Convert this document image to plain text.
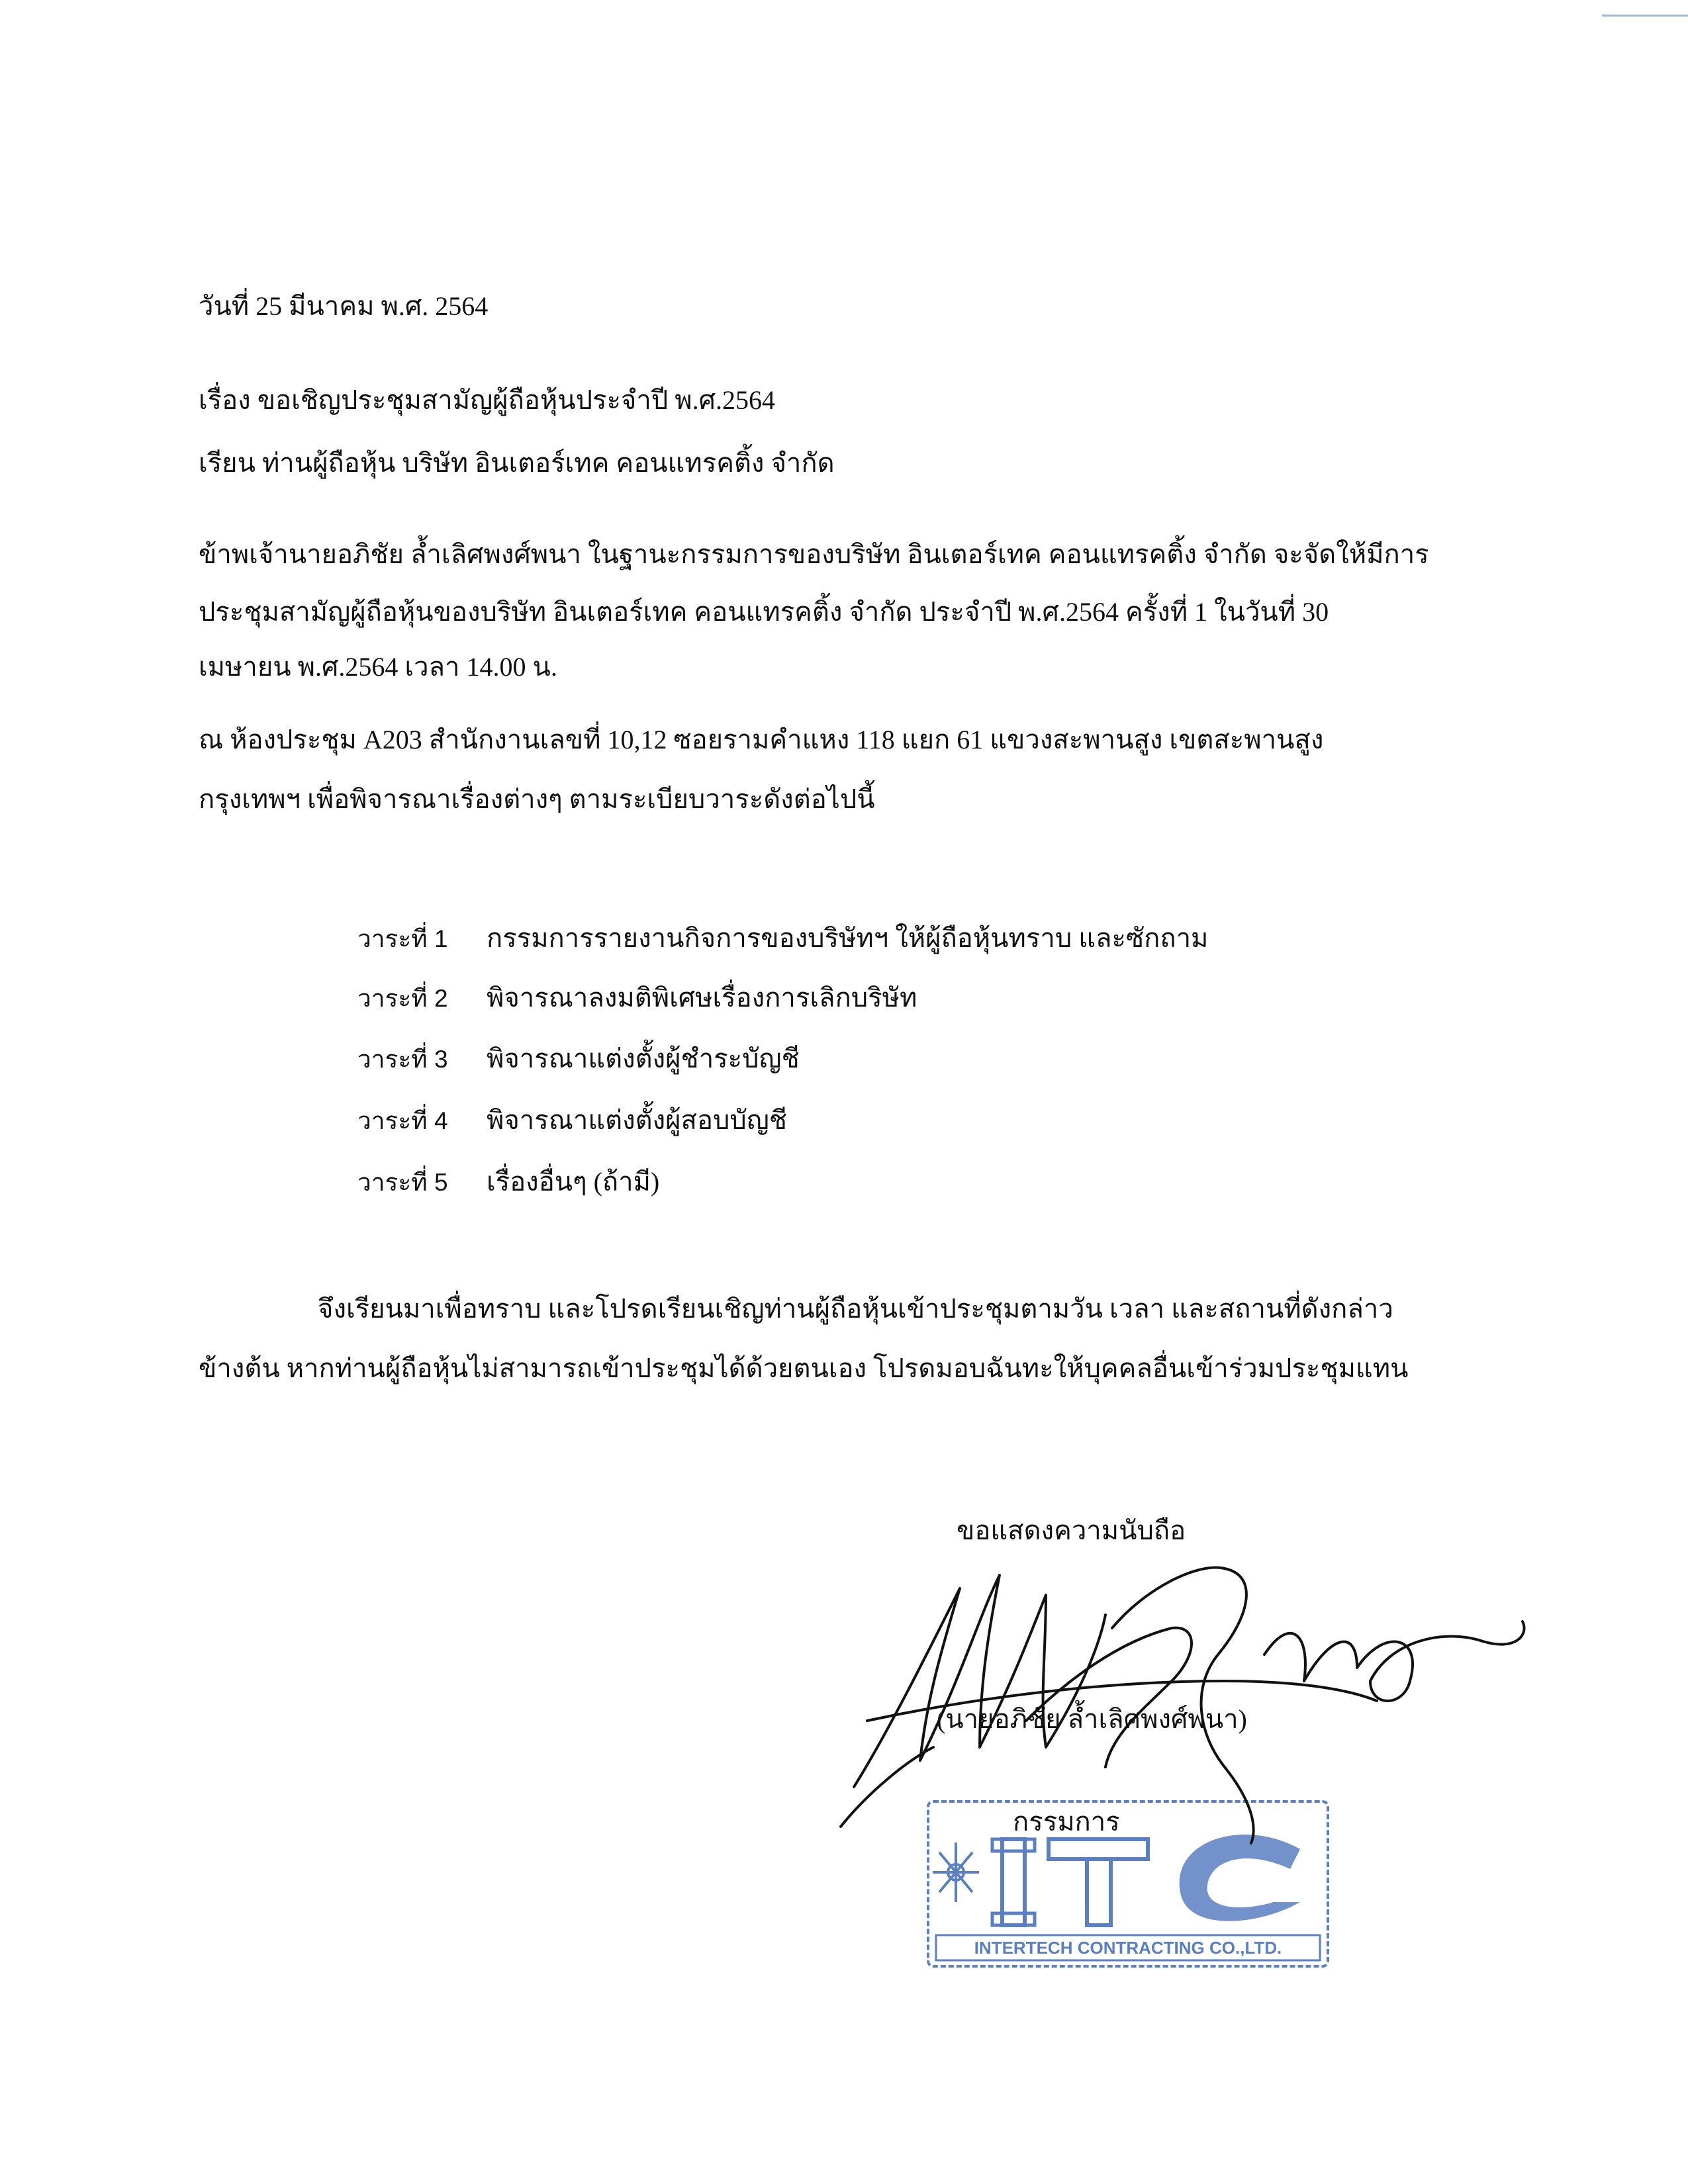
วันที่ 25 มีนาคม พ.ศ. 2564
เรื่อง ขอเชิญประชุมสามัญผู้ถือหุ้นประจำปี พ.ศ.2564
เรียน ท่านผู้ถือหุ้น บริษัท อินเตอร์เทค คอนแทรคติ้ง จำกัด
ข้าพเจ้านายอภิชัย ล้ำเลิศพงศ์พนา ในฐานะกรรมการของบริษัท อินเตอร์เทค คอนแทรคติ้ง จำกัด จะจัดให้มีการ
ประชุมสามัญผู้ถือหุ้นของบริษัท อินเตอร์เทค คอนแทรคติ้ง จำกัด ประจำปี พ.ศ.2564 ครั้งที่ 1 ในวันที่ 30
เมษายน พ.ศ.2564 เวลา 14.00 น.
ณ ห้องประชุม A203 สำนักงานเลขที่ 10,12 ซอยรามคำแหง 118 แยก 61 แขวงสะพานสูง เขตสะพานสูง
กรุงเทพฯ เพื่อพิจารณาเรื่องต่างๆ ตามระเบียบวาระดังต่อไปนี้
วาระที่ 1 กรรมการรายงานกิจการของบริษัทฯ ให้ผู้ถือหุ้นทราบ และซักถาม
วาระที่ 2 พิจารณาลงมติพิเศษเรื่องการเลิกบริษัท
วาระที่ 3 พิจารณาแต่งตั้งผู้ชำระบัญชี
วาระที่ 4 พิจารณาแต่งตั้งผู้สอบบัญชี
วาระที่ 5 เรื่องอื่นๆ (ถ้ามี)
จึงเรียนมาเพื่อทราบ และโปรดเรียนเชิญท่านผู้ถือหุ้นเข้าประชุมตามวัน เวลา และสถานที่ดังกล่าว
ข้างต้น หากท่านผู้ถือหุ้นไม่สามารถเข้าประชุมได้ด้วยตนเอง โปรดมอบฉันทะให้บุคคลอื่นเข้าร่วมประชุมแทน
ขอแสดงความนับถือ
(นายอภิชัย ล้ำเลิศพงศ์พนา)
INTERTECH CONTRACTING CO.,LTD.
กรรมการ
